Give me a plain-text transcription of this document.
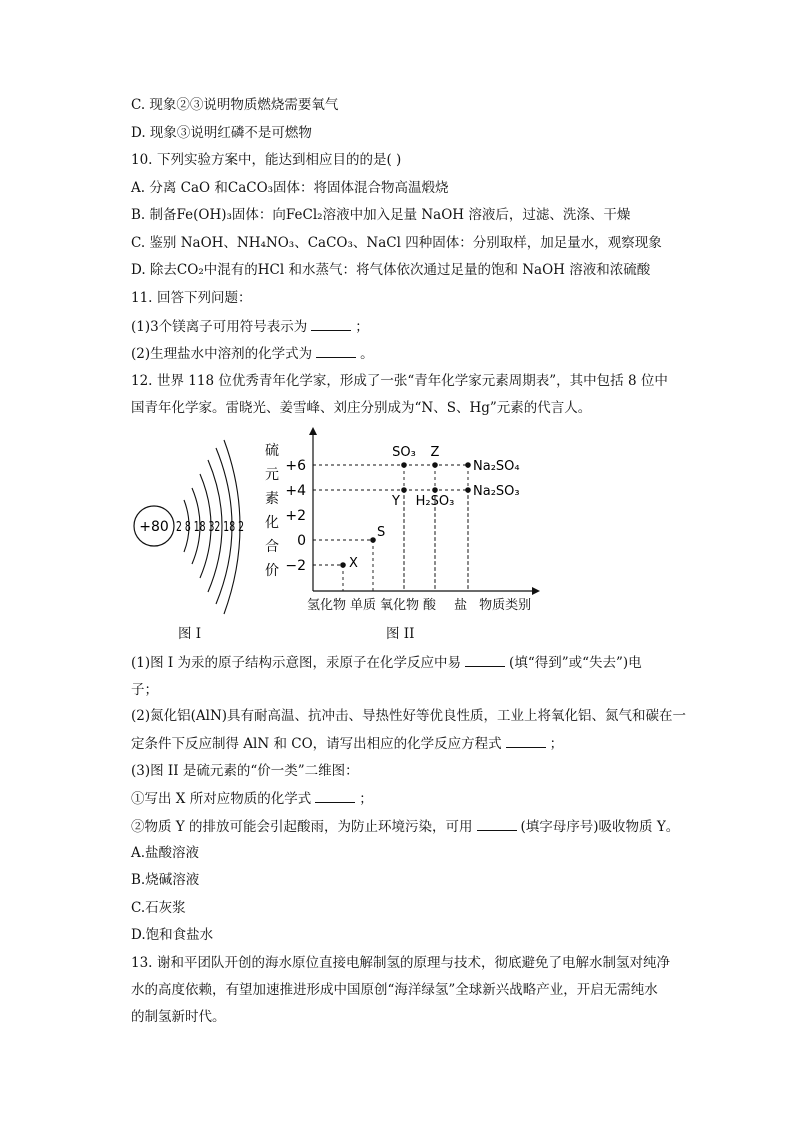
C. 现象②③说明物质燃烧需要氧气
D. 现象③说明红磷不是可燃物
10. 下列实验方案中，能达到相应目的的是( )
A. 分离 CaO 和CaCO₃固体：将固体混合物高温煅烧
B. 制备Fe(OH)₃固体：向FeCl₂溶液中加入足量 NaOH 溶液后，过滤、洗涤、干燥
C. 鉴别 NaOH、NH₄NO₃、CaCO₃、NaCl 四种固体：分别取样，加足量水，观察现象
D. 除去CO₂中混有的HCl 和水蒸气：将气体依次通过足量的饱和 NaOH 溶液和浓硫酸
11. 回答下列问题：
(1)3个镁离子可用符号表示为	；
(2)生理盐水中溶剂的化学式为	。
12. 世界 118 位优秀青年化学家，形成了一张“青年化学家元素周期表”，其中包括 8 位中
国青年化学家。雷晓光、姜雪峰、刘庄分别成为“N、S、Hg”元素的代言人。
+80 2 8 18 32 18 2
图 I
硫
元
素
化
合
价 −2
0
+2
+4
+6
X
S
Y
SO₃
H₂SO₃
Z
Na₂SO₃
Na₂SO₄
氢化物 单质 氧化物 酸 盐 物质类别
图 II
(1)图 I 为汞的原子结构示意图，汞原子在化学反应中易	(填“得到”或“失去”)电
子；
(2)氮化铝(AlN)具有耐高温、抗冲击、导热性好等优良性质，工业上将氧化铝、氮气和碳在一
定条件下反应制得 AlN 和 CO，请写出相应的化学反应方程式	；
(3)图 II 是硫元素的“价一类”二维图：
①写出 X 所对应物质的化学式	；
②物质 Y 的排放可能会引起酸雨，为防止环境污染，可用	(填字母序号)吸收物质 Y。
A.盐酸溶液
B.烧碱溶液
C.石灰浆
D.饱和食盐水
13. 谢和平团队开创的海水原位直接电解制氢的原理与技术，彻底避免了电解水制氢对纯净
水的高度依赖，有望加速推进形成中国原创“海洋绿氢”全球新兴战略产业，开启无需纯水
的制氢新时代。
